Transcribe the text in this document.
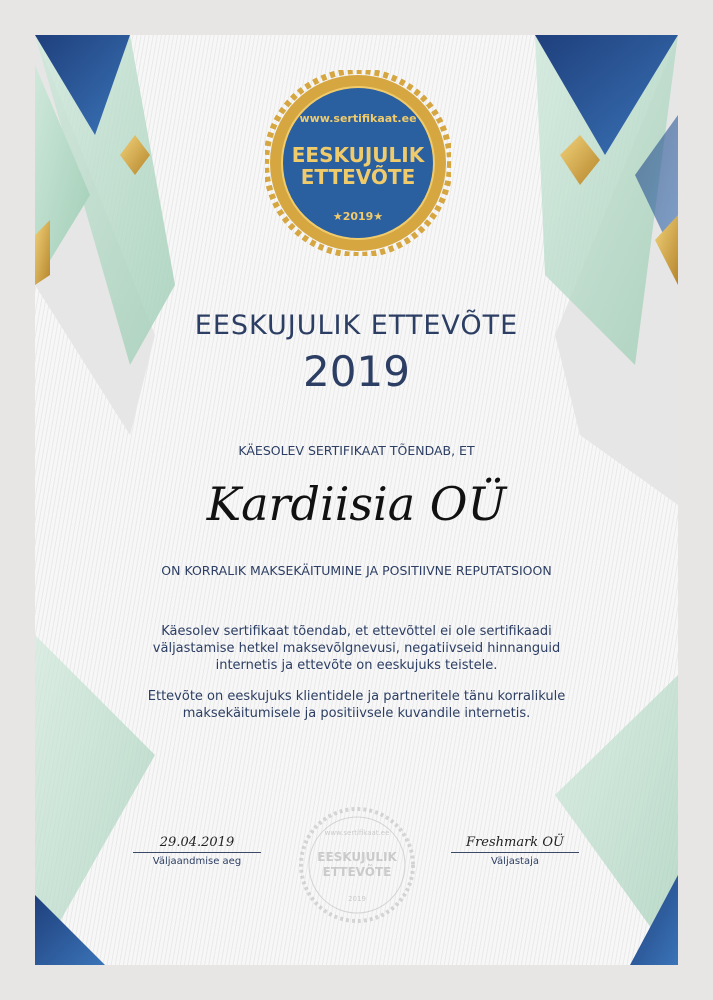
www.sertifikaat.ee
EESKUJULIK
ETTEVÕTE
★2019★
EESKUJULIK ETTEVÕTE
2019
KÄESOLEV SERTIFIKAAT TÕENDAB, ET
Kardiisia OÜ
ON KORRALIK MAKSEKÄITUMINE JA POSITIIVNE REPUTATSIOON
Käesolev sertifikaat tõendab, et ettevõttel ei ole sertifikaadi väljastamise hetkel maksevõlgnevusi, negatiivseid hinnanguid internetis ja ettevõte on eeskujuks teistele.
Ettevõte on eeskujuks klientidele ja partneritele tänu korralikule maksekäitumisele ja positiivsele kuvandile internetis.
29.04.2019
Väljaandmise aeg
www.sertifikaat.ee
EESKUJULIK
ETTEVÕTE
2019
Freshmark OÜ
Väljastaja
